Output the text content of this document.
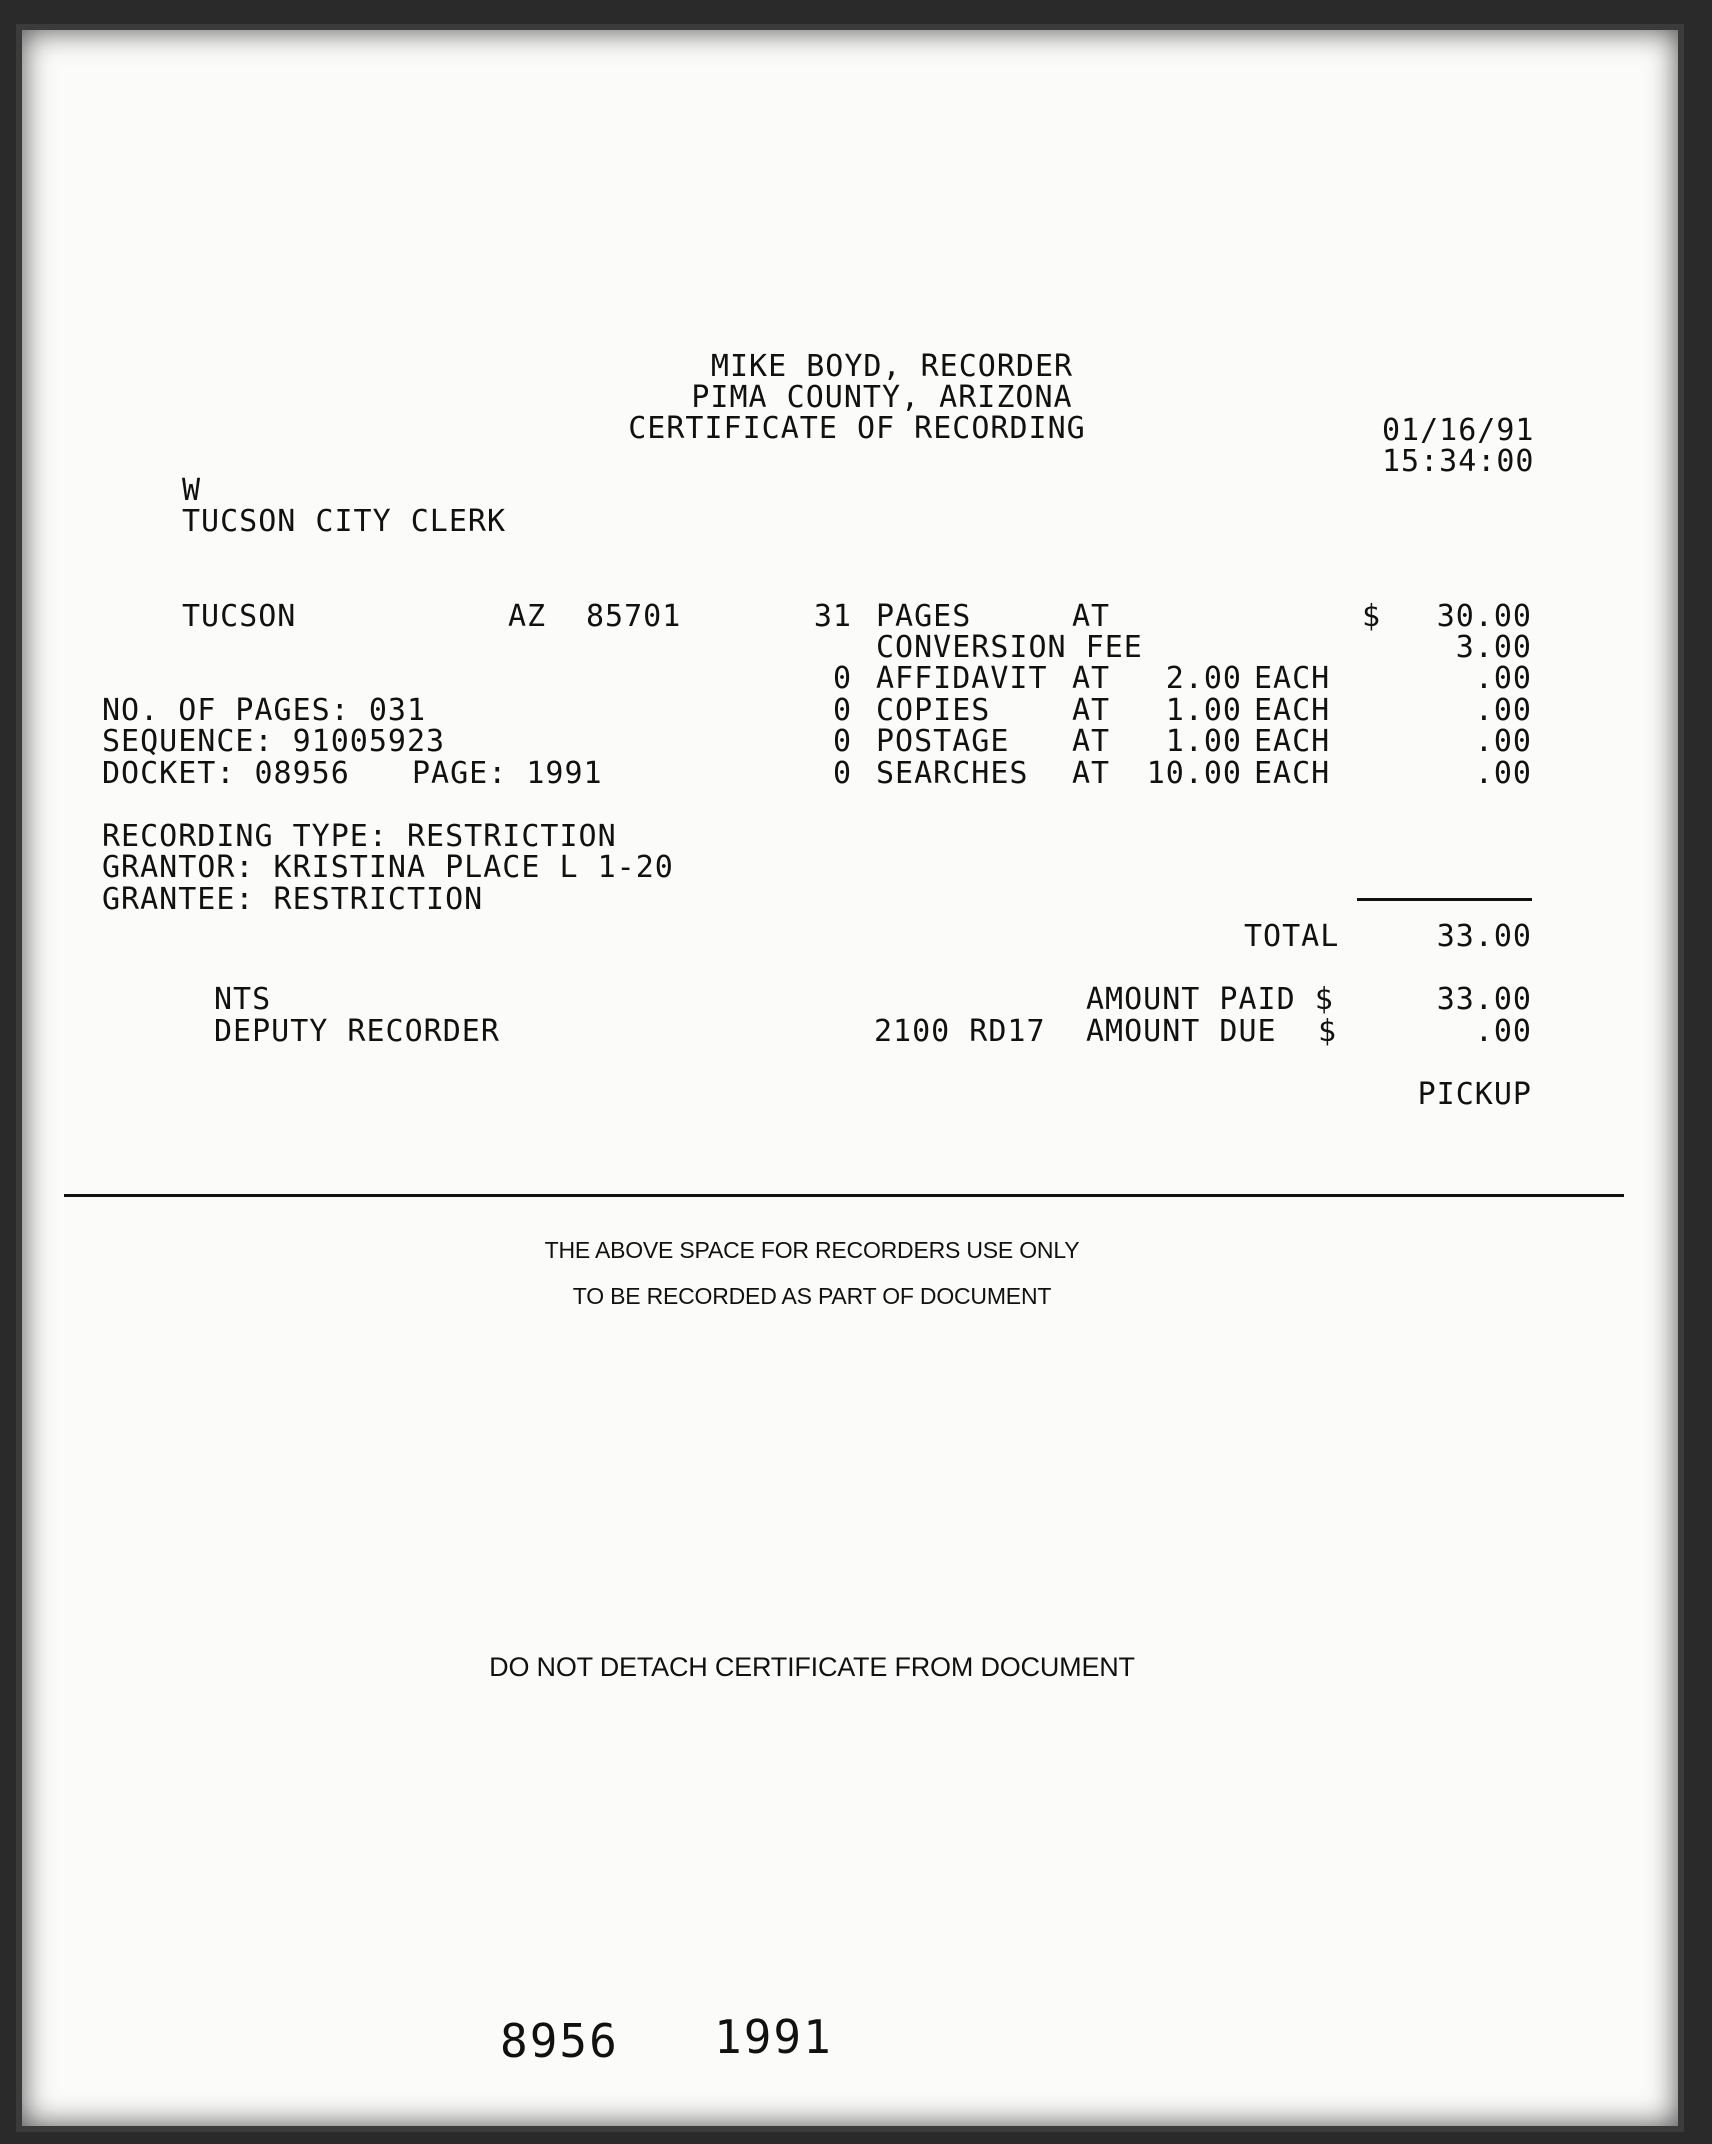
MIKE BOYD, RECORDER
PIMA COUNTY, ARIZONA
CERTIFICATE OF RECORDING	01/16/91
15:34:00
W
TUCSON CITY CLERK
TUCSON	AZ 85701
NO. OF PAGES: 031
SEQUENCE: 91005923
DOCKET: 08956 PAGE: 1991
RECORDING TYPE: RESTRICTION
GRANTOR: KRISTINA PLACE L 1-20
GRANTEE: RESTRICTION
31 PAGES	AT	$	30.00
CONVERSION FEE	3.00
0 AFFIDAVIT AT	2.00 EACH	.00
0 COPIES	AT	1.00 EACH	.00
0 POSTAGE AT	1.00 EACH	.00
0 SEARCHES AT	10.00 EACH	.00
TOTAL	33.00
NTS	AMOUNT PAID $	33.00
DEPUTY RECORDER	2100 RD17 AMOUNT DUE $	.00
PICKUP
THE ABOVE SPACE FOR RECORDERS USE ONLY
TO BE RECORDED AS PART OF DOCUMENT
DO NOT DETACH CERTIFICATE FROM DOCUMENT
8956 1991
